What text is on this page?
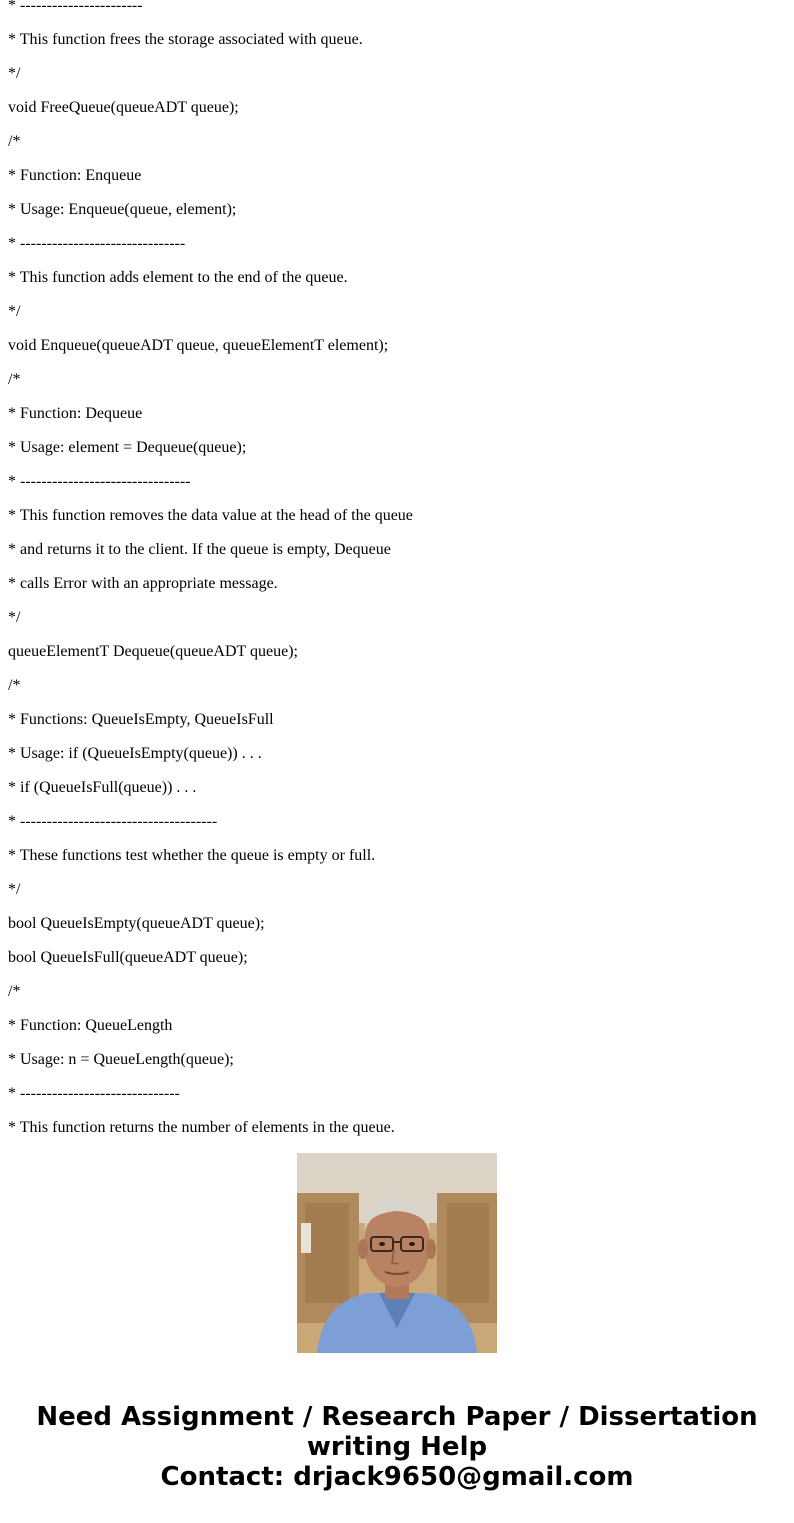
* -----------------------
* This function frees the storage associated with queue.
*/
void FreeQueue(queueADT queue);
/*
* Function: Enqueue
* Usage: Enqueue(queue, element);
* -------------------------------
* This function adds element to the end of the queue.
*/
void Enqueue(queueADT queue, queueElementT element);
/*
* Function: Dequeue
* Usage: element = Dequeue(queue);
* --------------------------------
* This function removes the data value at the head of the queue
* and returns it to the client. If the queue is empty, Dequeue
* calls Error with an appropriate message.
*/
queueElementT Dequeue(queueADT queue);
/*
* Functions: QueueIsEmpty, QueueIsFull
* Usage: if (QueueIsEmpty(queue)) . . .
* if (QueueIsFull(queue)) . . .
* -------------------------------------
* These functions test whether the queue is empty or full.
*/
bool QueueIsEmpty(queueADT queue);
bool QueueIsFull(queueADT queue);
/*
* Function: QueueLength
* Usage: n = QueueLength(queue);
* ------------------------------
* This function returns the number of elements in the queue.
Need Assignment / Research Paper / Dissertation
writing Help
Contact: drjack9650@gmail.com
